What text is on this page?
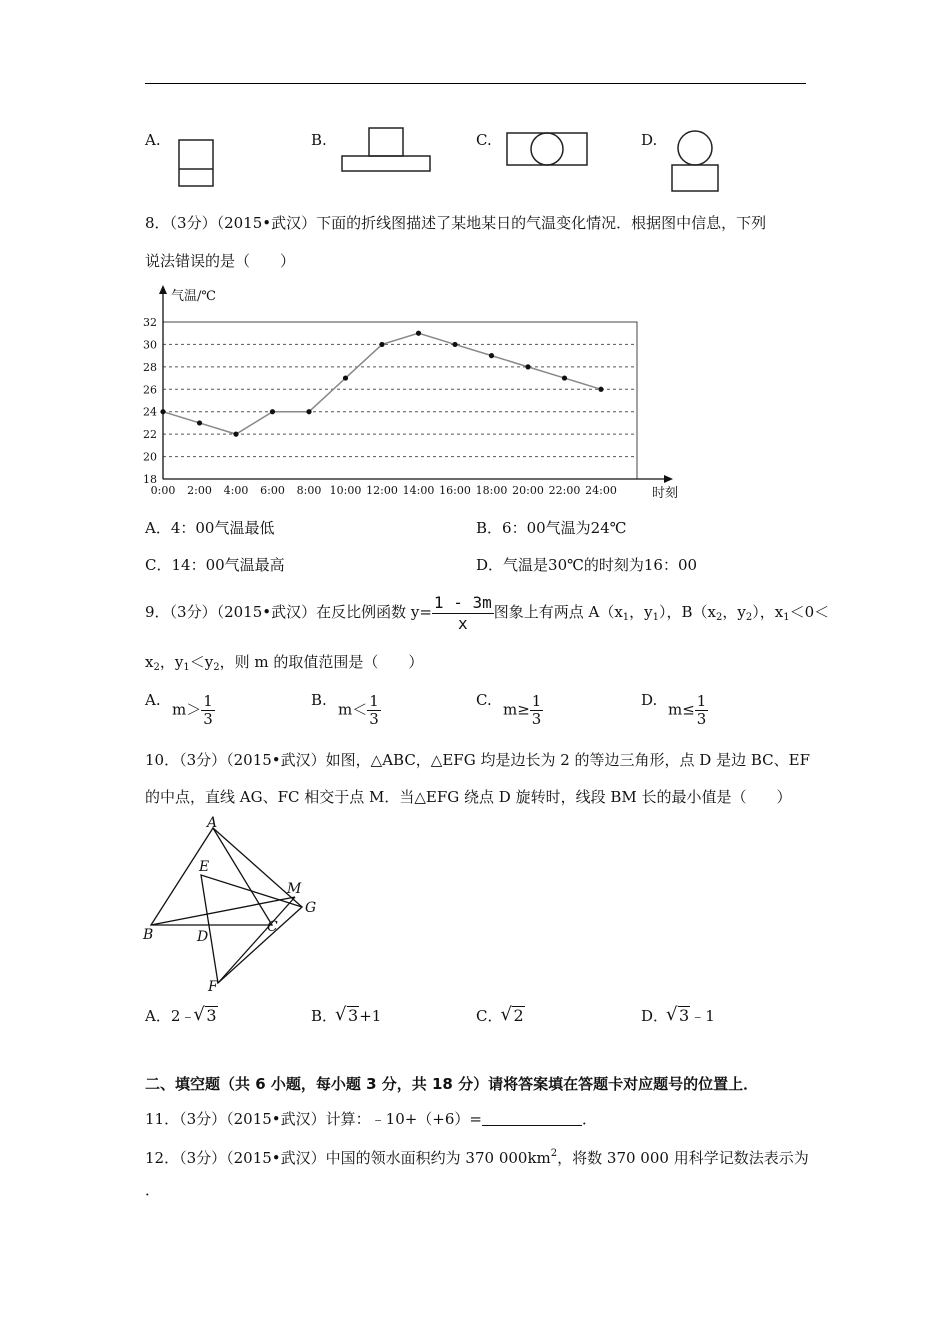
A.	B.	C.	D.
8．（3分）（2015•武汉）下面的折线图描述了某地某日的气温变化情况．根据图中信息，下列
说法错误的是（　　）
18
20
22
24
26
28
30
32
气温/℃
时刻
0:00 2:00 4:00 6:00 8:00 10:00 12:00 14:00 16:00 18:00 20:00 22:00 24:00
A．4：00气温最低	B．6：00气温为24℃
C．14：00气温最高	D．气温是30℃的时刻为16：00
9．（3分）（2015•武汉）在反比例函数 $y= \frac{1 - 3m}{x}$ 图象上有两点 $A(x_1$，$y_1$），$B(x_2$，$y_2$），$x_1<0<$
$x_2$，$y_1<y_2$，则 m 的取值范围是（　　）
A.
$m> \frac{1}{3}$	B.
$m< \frac{1}{3}$	C.
$m\ge \frac{1}{3}$	D.
$m\le \frac{1}{3}$
10．（3分）（2015•武汉）如图，△ABC，△EFG 均是边长为 2 的等边三角形，点 D 是边 BC、EF
的中点，直线 AG、FC 相交于点 M．当△EFG 绕点 D 旋转时，线段 BM 长的最小值是（　　）
A
E
M
G
B	D
C
F
A．2﹣ √ 3	B． √ 3+1	C． √ 2	D． √ 3﹣1
二、填空题（共 6 小题，每小题 3 分，共 18 分）请将答案填在答题卡对应题号的位置上．
11．（3分）（2015•武汉）计算：﹣10+（+6）=	．
12．（3分）（2015•武汉）中国的领水面积约为 370 $000km^2$，将数 370 000 用科学记数法表示为
．
